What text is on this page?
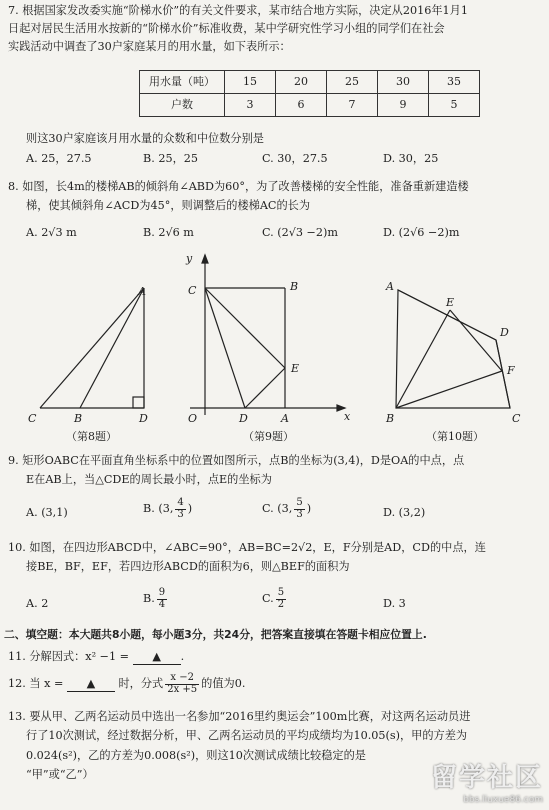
7. 根据国家发改委实施“阶梯水价”的有关文件要求，某市结合地方实际，决定从2016年1月1
日起对居民生活用水按新的“阶梯水价”标准收费，某中学研究性学习小组的同学们在社会
实践活动中调查了30户家庭某月的用水量，如下表所示：
用水量（吨）	15	20	25	30	35
户数	3	6	7	9	5
则这30户家庭该月用水量的众数和中位数分别是
A. 25，27.5	B. 25，25	C. 30，27.5	D. 30，25
8. 如图，长4m的楼梯AB的倾斜角∠ABD为60°，为了改善楼梯的安全性能，准备重新建造楼
梯，使其倾斜角∠ACD为45°，则调整后的楼梯AC的长为
A. 2√3 m	B. 2√6 m	C. (2√3 −2)m	D. (2√6 −2)m
A
C	B	D
y
x
O
C	B
E
D	A
A
B	C
D
E
F
（第8题）	（第9题）	（第10题）
9. 矩形OABC在平面直角坐标系中的位置如图所示，点B的坐标为(3,4)，D是OA的中点，点
E在AB上，当△CDE的周长最小时，点E的坐标为
A. (3,1)	B. (3, $\frac{4}{3}$ )	C. (3, $\frac{5}{3}$ )	D. (3,2)
10. 如图，在四边形ABCD中，∠ABC=90°，AB=BC=2√2，E，F分别是AD，CD的中点，连
接BE，BF，EF，若四边形ABCD的面积为6，则△BEF的面积为
A. 2	B. $\frac{9}{4}$	C. $\frac{5}{2}$	D. 3
二、填空题：本大题共8小题，每小题3分，共24分，把答案直接填在答题卡相应位置上.
11. 分解因式：x² −1 = ▲ .
12. 当 x = ▲ 时，分式 $\frac{x -2}{2x +5}$ 的值为0.
13. 要从甲、乙两名运动员中选出一名参加“2016里约奥运会”100m比赛，对这两名运动员进
行了10次测试，经过数据分析，甲、乙两名运动员的平均成绩均为10.05(s)，甲的方差为
0.024(s²)，乙的方差为0.008(s²)，则这10次测试成绩比较稳定的是
“甲”或“乙”）	留学社区
bbs.liuxue86.com
